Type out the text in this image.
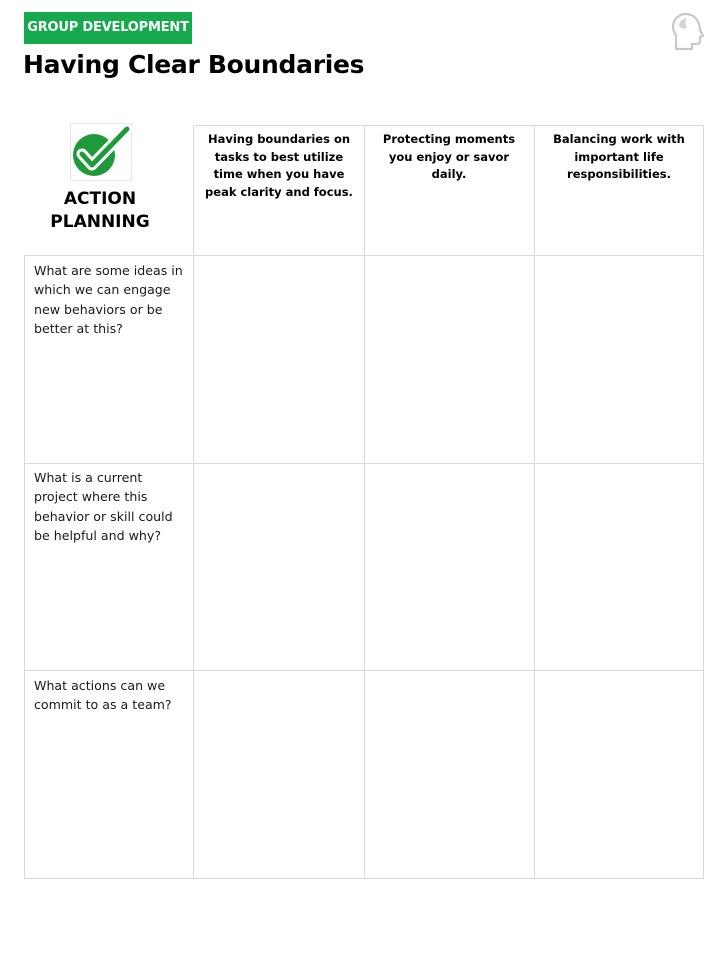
GROUP DEVELOPMENT
Having Clear Boundaries
ACTION
PLANNING
Having boundaries on tasks to best utilize time when you have peak clarity and focus.
Protecting moments you enjoy or savor daily.
Balancing work with important life responsibilities.
What are some ideas in which we can engage new behaviors or be better at this?
What is a current project where this behavior or skill could be helpful and why?
What actions can we commit to as a team?
